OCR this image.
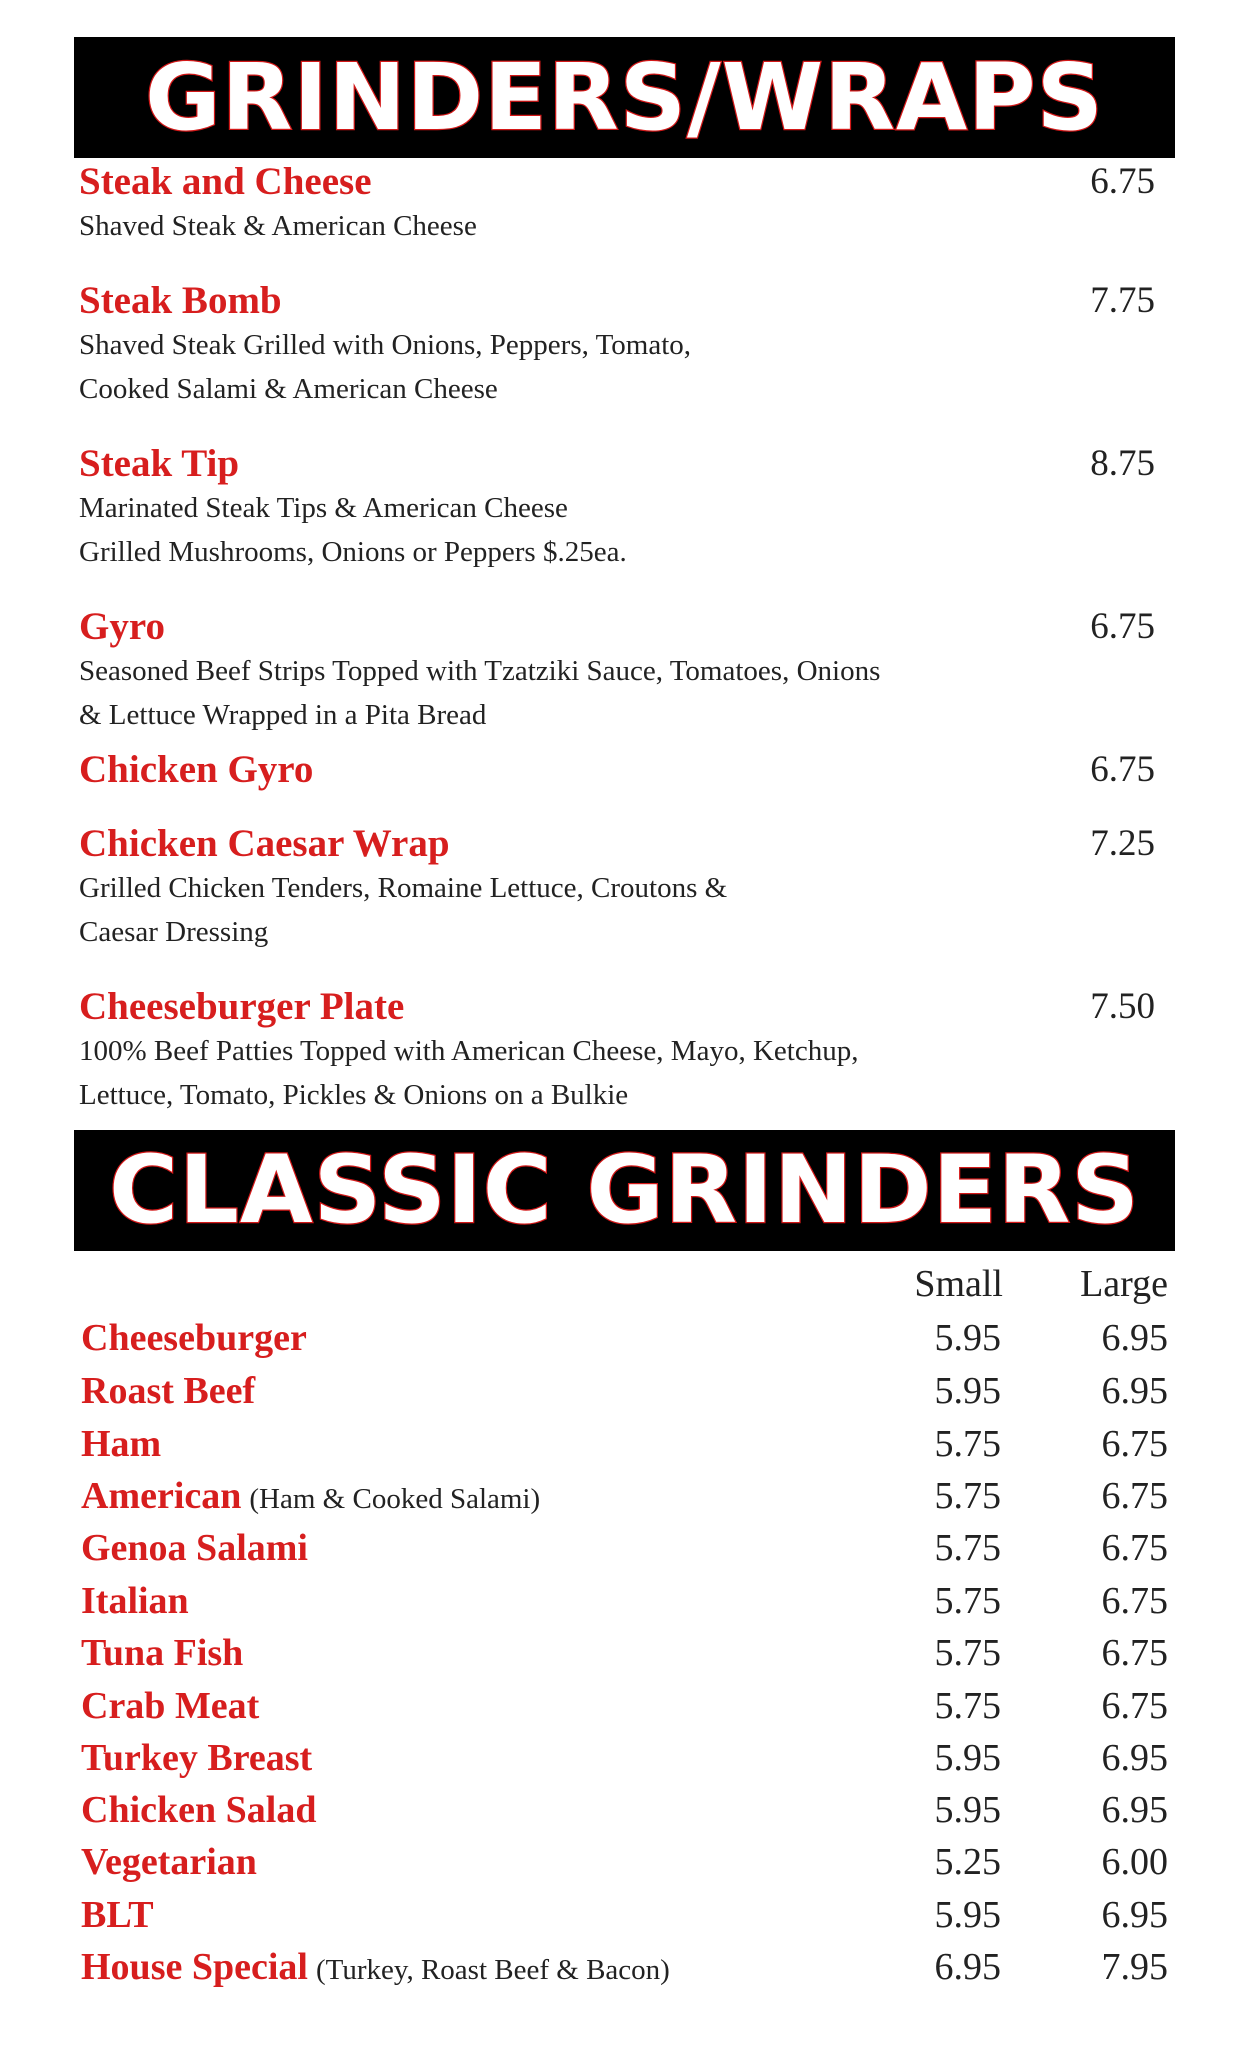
GRINDERS/WRAPS
Steak and Cheese	6.75
Shaved Steak & American Cheese
Steak Bomb	7.75
Shaved Steak Grilled with Onions, Peppers, Tomato,
Cooked Salami & American Cheese
Steak Tip	8.75
Marinated Steak Tips & American Cheese
Grilled Mushrooms, Onions or Peppers $.25ea.
Gyro	6.75
Seasoned Beef Strips Topped with Tzatziki Sauce, Tomatoes, Onions
& Lettuce Wrapped in a Pita Bread
Chicken Gyro	6.75
Chicken Caesar Wrap	7.25
Grilled Chicken Tenders, Romaine Lettuce, Croutons &
Caesar Dressing
Cheeseburger Plate	7.50
100% Beef Patties Topped with American Cheese, Mayo, Ketchup,
Lettuce, Tomato, Pickles & Onions on a Bulkie
CLASSIC GRINDERS
Small Large
Cheeseburger	5.95	6.95
Roast Beef	5.95	6.95
Ham	5.75	6.75
American (Ham & Cooked Salami)	5.75	6.75
Genoa Salami	5.75	6.75
Italian	5.75	6.75
Tuna Fish	5.75	6.75
Crab Meat	5.75	6.75
Turkey Breast	5.95	6.95
Chicken Salad	5.95	6.95
Vegetarian	5.25	6.00
BLT	5.95	6.95
House Special (Turkey, Roast Beef & Bacon)	6.95	7.95
